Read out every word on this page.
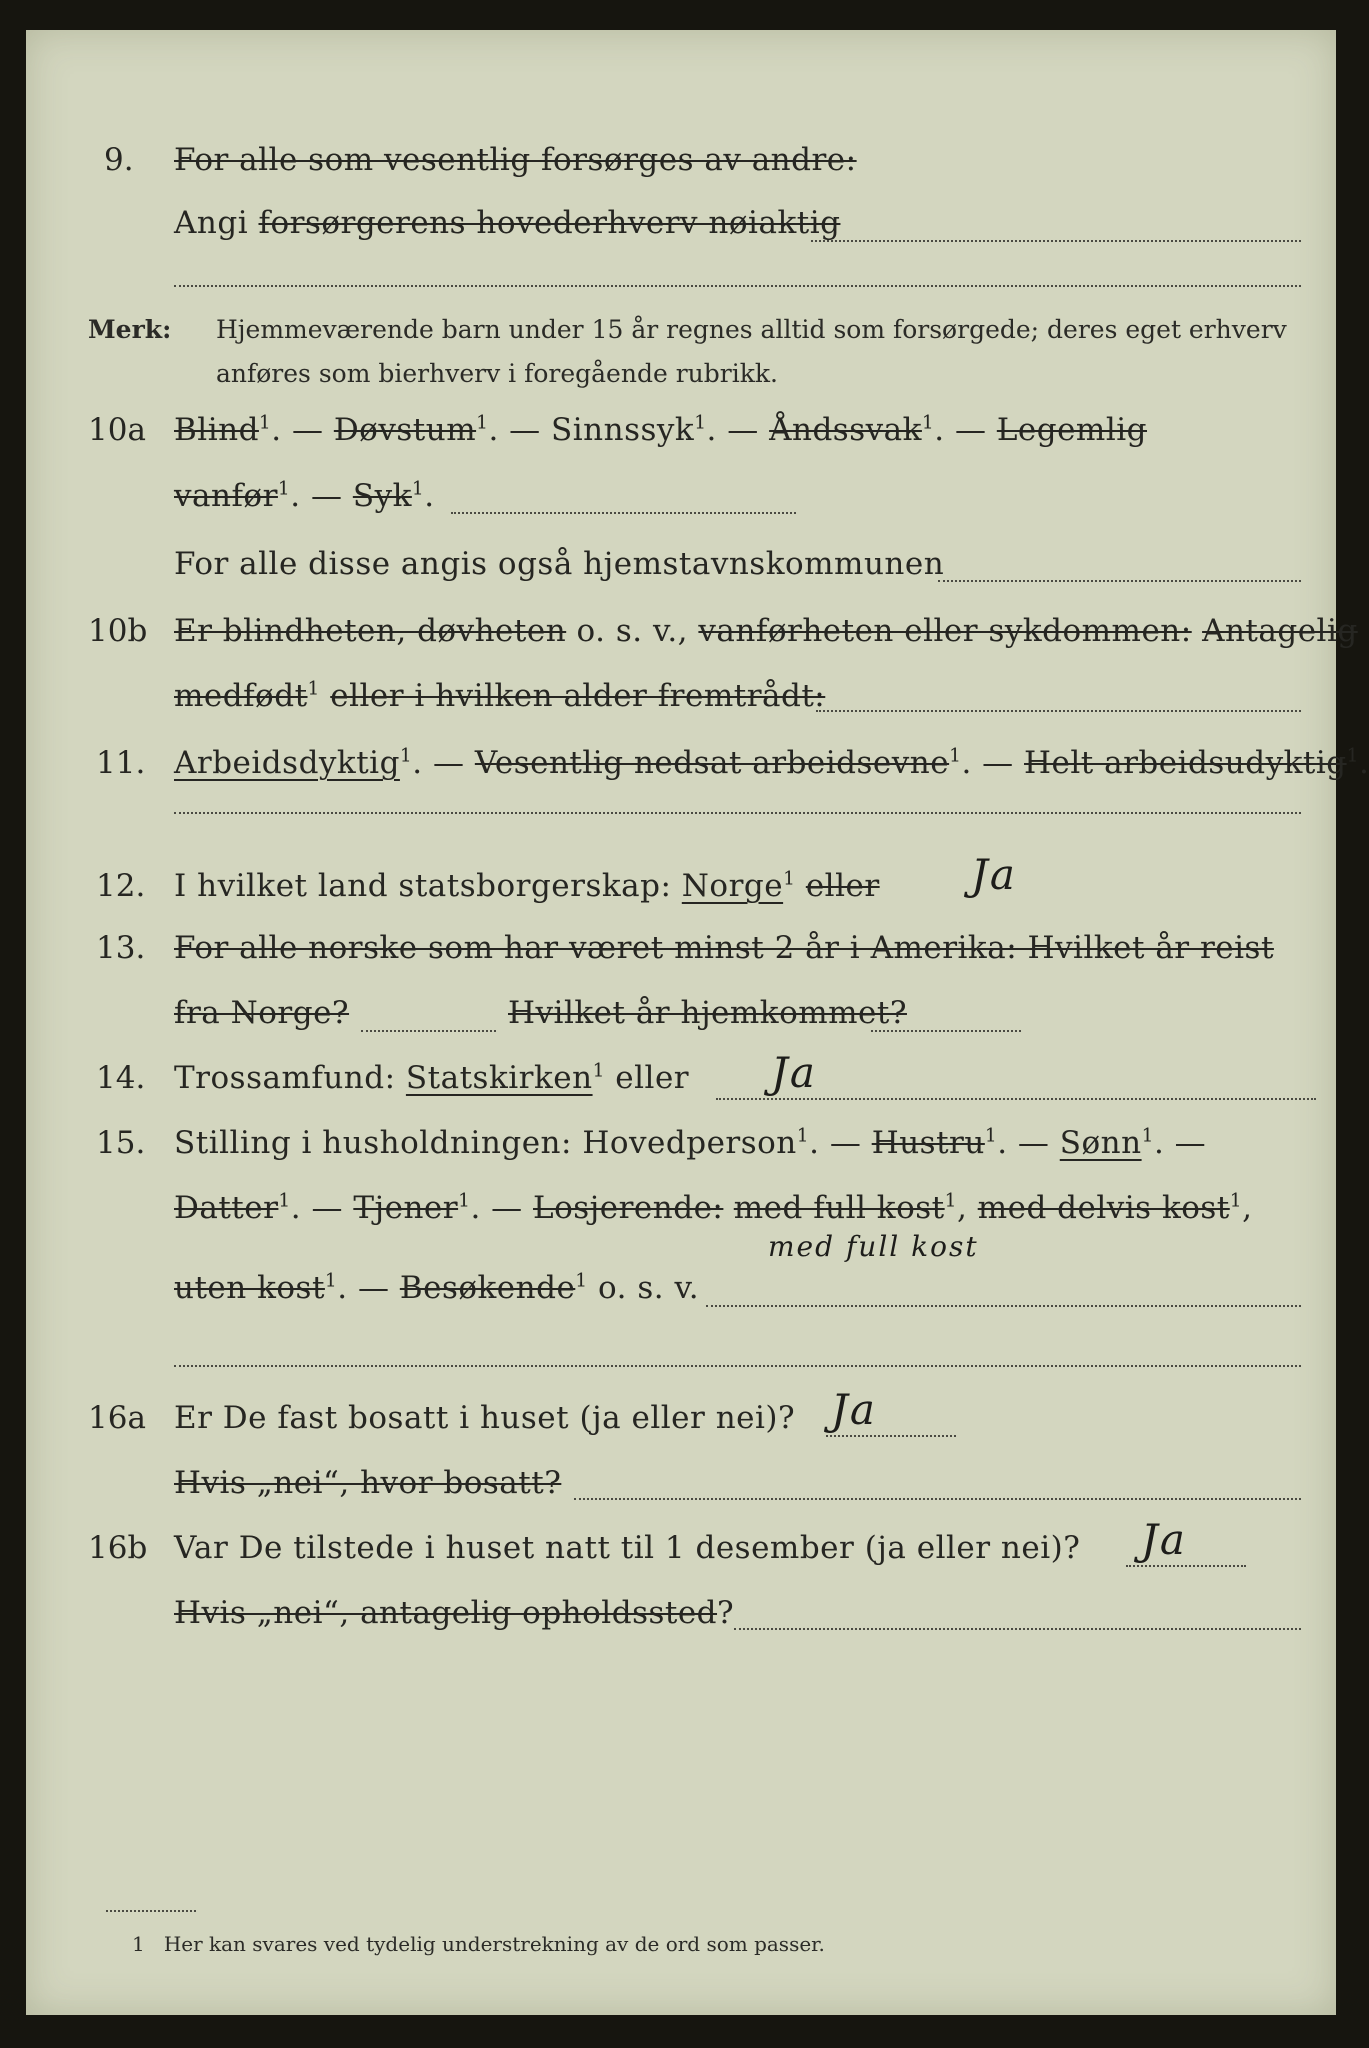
9. For alle som vesentlig forsørges av andre:
Angi forsørgerens hovederhverv nøiaktig
Merk: Hjemmeværende barn under 15 år regnes alltid som forsørgede; deres eget erhverv
anføres som bierhverv i foregående rubrikk.
10a Blind$^1$. — Døvstum$^1$. — Sinnssyk$^1$. — Åndssvak$^1$. — Legemlig
vanfør$^1$. — Syk$^1$.
For alle disse angis også hjemstavnskommunen
10b Er blindheten, døvheten o. s. v., vanførheten eller sykdommen: Antagelig
medfødt$^1$ eller i hvilken alder fremtrådt:
11. Arbeidsdyktig$^1$. — Vesentlig nedsat arbeidsevne$^1$. — Helt arbeidsudyktig$^1$.
12. I hvilket land statsborgerskap: Norge$^1$ eller Ja
13. For alle norske som har været minst 2 år i Amerika: Hvilket år reist
fra Norge?	Hvilket år hjemkommet?
14. Trossamfund: Statskirken$^1$ eller Ja
15. Stilling i husholdningen: Hovedperson$^1$. — Hustru$^1$. — Sønn$^1$. —
Datter$^1$. — Tjener$^1$. — Losjerende: med full kost$^1$, med delvis kost$^1$,
med full kost
uten kost$^1$. — Besøkende$^1$ o. s. v.
16a Er De fast bosatt i huset (ja eller nei)? Ja
Hvis „nei“, hvor bosatt?
16b Var De tilstede i huset natt til 1 desember (ja eller nei)? Ja
Hvis „nei“, antagelig opholdssted?
1 Her kan svares ved tydelig understrekning av de ord som passer.
